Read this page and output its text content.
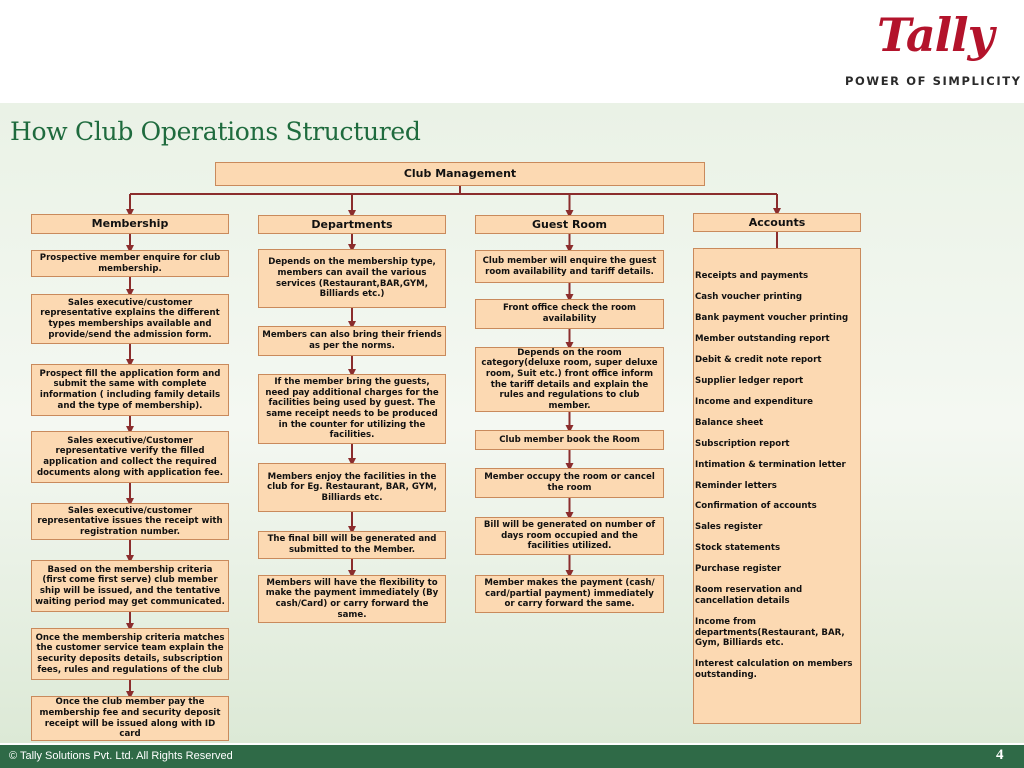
Tally
POWER OF SIMPLICITY
How Club Operations Structured
Club Management
Membership
Prospective member enquire for club membership.
Sales executive/customer representative explains the different types memberships available and provide/send the admission form.
Prospect fill the application form and submit the same with complete information ( including family details and the type of membership).
Sales executive/Customer representative verify the filled application and collect the required documents along with application fee.
Sales executive/customer representative issues the receipt with registration number.
Based on the membership criteria (first come first serve) club member ship will be issued, and the tentative waiting period may get communicated.
Once the membership criteria matches the customer service team explain the security deposits details, subscription fees, rules and regulations of the club
Once the club member pay the membership fee and security deposit receipt will be issued along with ID card
Departments
Depends on the membership type, members can avail the various services (Restaurant,BAR,GYM, Billiards etc.)
Members can also bring their friends as per the norms.
If the member bring the guests, need pay additional charges for the facilities being used by guest. The same receipt needs to be produced in the counter for utilizing the facilities.
Members enjoy the facilities in the club for Eg. Restaurant, BAR, GYM, Billiards etc.
The final bill will be generated and submitted to the Member.
Members will have the flexibility to make the payment immediately (By cash/Card) or carry forward the same.
Guest Room
Club member will enquire the guest room availability and tariff details.
Front office check the room availability
Depends on the room category(deluxe room, super deluxe room, Suit etc.) front office inform the tariff details and explain the rules and regulations to club member.
Club member book the Room
Member occupy the room or cancel the room
Bill will be generated on number of days room occupied and the facilities utilized.
Member makes the payment (cash/ card/partial payment) immediately or carry forward the same.
Accounts
Receipts and payments
Cash voucher printing
Bank payment voucher printing
Member outstanding report
Debit & credit note report
Supplier ledger report
Income and expenditure
Balance sheet
Subscription report
Intimation & termination letter
Reminder letters
Confirmation of accounts
Sales register
Stock statements
Purchase register
Room reservation and cancellation details
Income from departments(Restaurant, BAR, Gym, Billiards etc.
Interest calculation on members outstanding.
© Tally Solutions Pvt. Ltd. All Rights Reserved	4
